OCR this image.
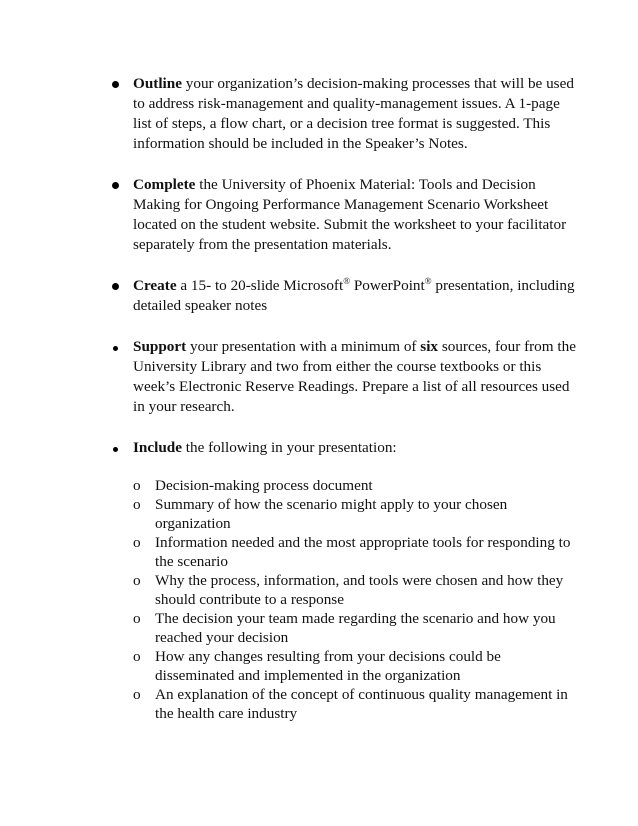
Outline your organization’s decision-making processes that will be used to address risk-management and quality-management issues. A 1-page list of steps, a flow chart, or a decision tree format is suggested. This information should be included in the Speaker’s Notes.
Complete the University of Phoenix Material: Tools and Decision Making for Ongoing Performance Management Scenario Worksheet located on the student website. Submit the worksheet to your facilitator separately from the presentation materials.
Create a 15- to 20-slide Microsoft® PowerPoint® presentation, including detailed speaker notes
Support your presentation with a minimum of six sources, four from the University Library and two from either the course textbooks or this week’s Electronic Reserve Readings. Prepare a list of all resources used in your research.
Include the following in your presentation:
o Decision-making process document
o Summary of how the scenario might apply to your chosen organization
o Information needed and the most appropriate tools for responding to the scenario
o Why the process, information, and tools were chosen and how they should contribute to a response
o The decision your team made regarding the scenario and how you reached your decision
o How any changes resulting from your decisions could be disseminated and implemented in the organization
o An explanation of the concept of continuous quality management in the health care industry
